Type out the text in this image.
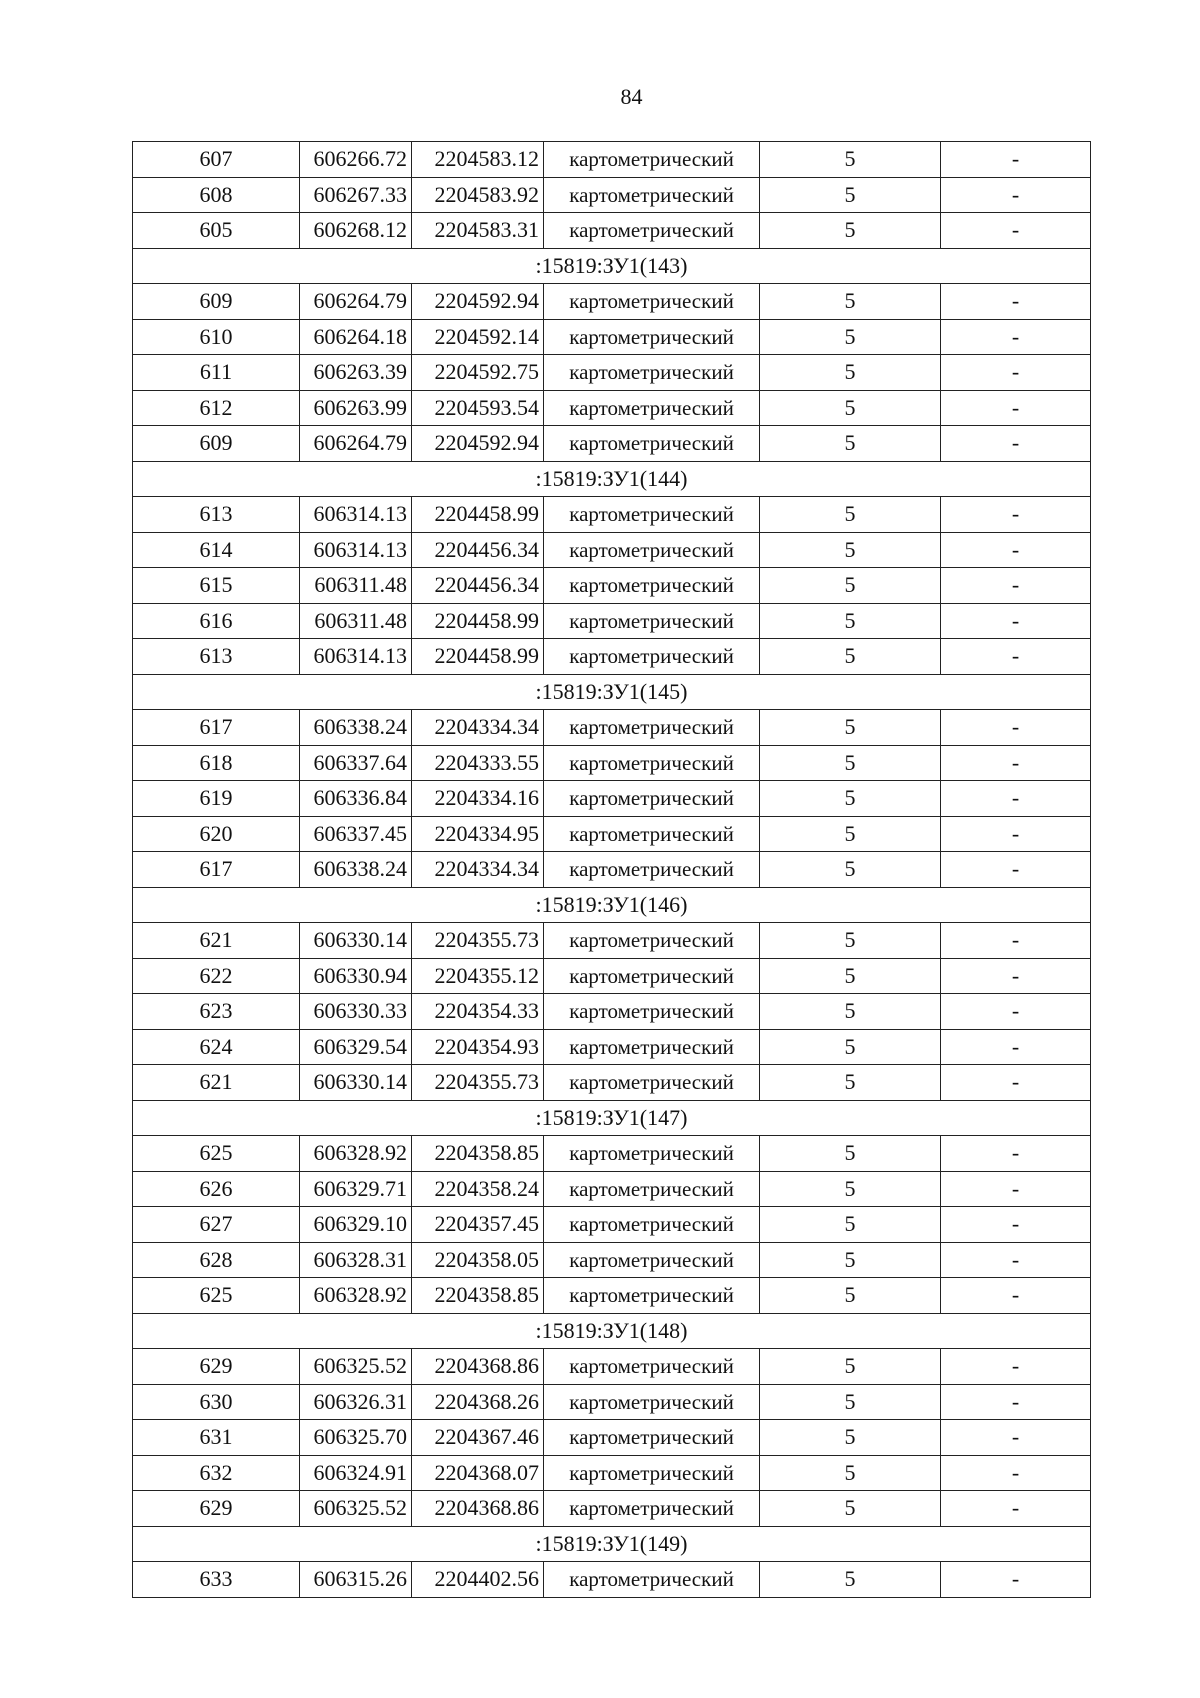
84
607	606266.72	2204583.12	картометрический	5	-
608	606267.33	2204583.92	картометрический	5	-
605	606268.12	2204583.31	картометрический	5	-
:15819:ЗУ1(143)					
609	606264.79	2204592.94	картометрический	5	-
610	606264.18	2204592.14	картометрический	5	-
611	606263.39	2204592.75	картометрический	5	-
612	606263.99	2204593.54	картометрический	5	-
609	606264.79	2204592.94	картометрический	5	-
:15819:ЗУ1(144)					
613	606314.13	2204458.99	картометрический	5	-
614	606314.13	2204456.34	картометрический	5	-
615	606311.48	2204456.34	картометрический	5	-
616	606311.48	2204458.99	картометрический	5	-
613	606314.13	2204458.99	картометрический	5	-
:15819:ЗУ1(145)					
617	606338.24	2204334.34	картометрический	5	-
618	606337.64	2204333.55	картометрический	5	-
619	606336.84	2204334.16	картометрический	5	-
620	606337.45	2204334.95	картометрический	5	-
617	606338.24	2204334.34	картометрический	5	-
:15819:ЗУ1(146)					
621	606330.14	2204355.73	картометрический	5	-
622	606330.94	2204355.12	картометрический	5	-
623	606330.33	2204354.33	картометрический	5	-
624	606329.54	2204354.93	картометрический	5	-
621	606330.14	2204355.73	картометрический	5	-
:15819:ЗУ1(147)					
625	606328.92	2204358.85	картометрический	5	-
626	606329.71	2204358.24	картометрический	5	-
627	606329.10	2204357.45	картометрический	5	-
628	606328.31	2204358.05	картометрический	5	-
625	606328.92	2204358.85	картометрический	5	-
:15819:ЗУ1(148)					
629	606325.52	2204368.86	картометрический	5	-
630	606326.31	2204368.26	картометрический	5	-
631	606325.70	2204367.46	картометрический	5	-
632	606324.91	2204368.07	картометрический	5	-
629	606325.52	2204368.86	картометрический	5	-
:15819:ЗУ1(149)					
633	606315.26	2204402.56	картометрический	5	-
